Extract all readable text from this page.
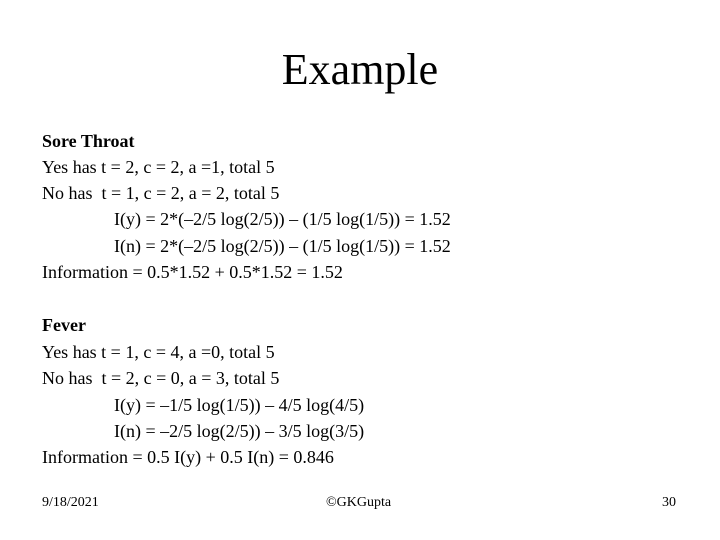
Example
Sore Throat
Yes has t = 2, c = 2, a =1, total 5
No has  t = 1, c = 2, a = 2, total 5
I(y) = 2*(–2/5 log(2/5)) – (1/5 log(1/5)) = 1.52
I(n) = 2*(–2/5 log(2/5)) – (1/5 log(1/5)) = 1.52
Information = 0.5*1.52 + 0.5*1.52 = 1.52
Fever
Yes has t = 1, c = 4, a =0, total 5
No has  t = 2, c = 0, a = 3, total 5
I(y) = –1/5 log(1/5)) – 4/5 log(4/5)
I(n) = –2/5 log(2/5)) – 3/5 log(3/5)
Information = 0.5 I(y) + 0.5 I(n) = 0.846
9/18/2021	©GKGupta	30
